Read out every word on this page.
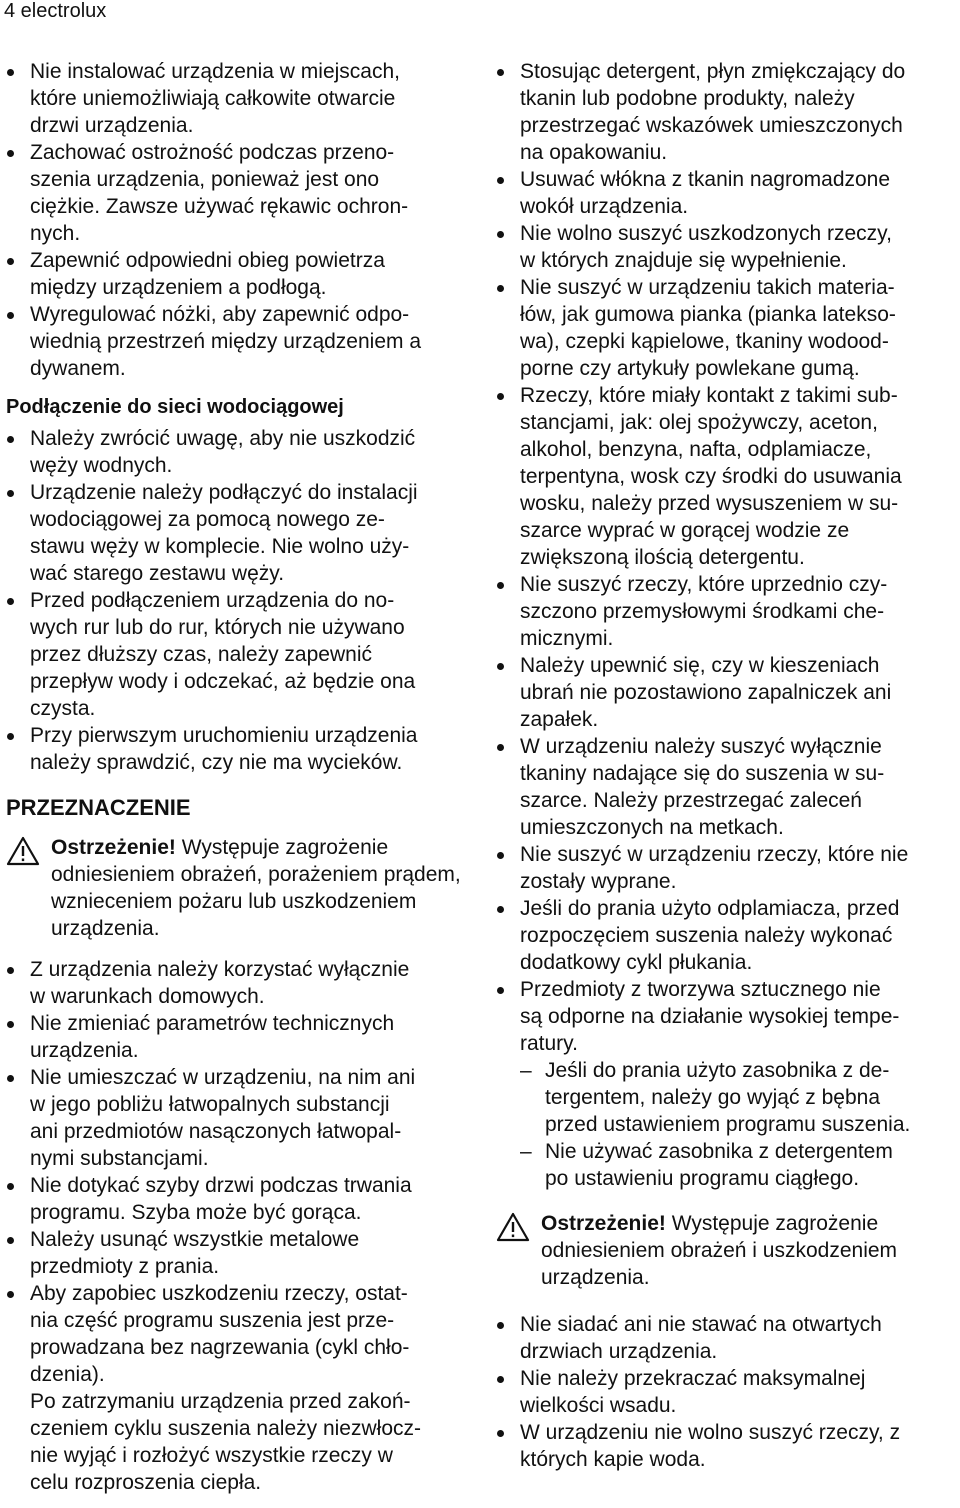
4 electrolux
Nie instalować urządzenia w miejscach,
które uniemożliwiają całkowite otwarcie
drzwi urządzenia.
Zachować ostrożność podczas przeno-
szenia urządzenia, ponieważ jest ono
ciężkie. Zawsze używać rękawic ochron-
nych.
Zapewnić odpowiedni obieg powietrza
między urządzeniem a podłogą.
Wyregulować nóżki, aby zapewnić odpo-
wiednią przestrzeń między urządzeniem a
dywanem.
Podłączenie do sieci wodociągowej
Należy zwrócić uwagę, aby nie uszkodzić
węży wodnych.
Urządzenie należy podłączyć do instalacji
wodociągowej za pomocą nowego ze-
stawu węży w komplecie. Nie wolno uży-
wać starego zestawu węży.
Przed podłączeniem urządzenia do no-
wych rur lub do rur, których nie używano
przez dłuższy czas, należy zapewnić
przepływ wody i odczekać, aż będzie ona
czysta.
Przy pierwszym uruchomieniu urządzenia
należy sprawdzić, czy nie ma wycieków.
PRZEZNACZENIE
Ostrzeżenie! Występuje zagrożenie odniesieniem obrażeń, porażeniem prądem, wznieceniem pożaru lub uszkodzeniem urządzenia.
Z urządzenia należy korzystać wyłącznie
w warunkach domowych.
Nie zmieniać parametrów technicznych
urządzenia.
Nie umieszczać w urządzeniu, na nim ani
w jego pobliżu łatwopalnych substancji
ani przedmiotów nasączonych łatwopal-
nymi substancjami.
Nie dotykać szyby drzwi podczas trwania
programu. Szyba może być gorąca.
Należy usunąć wszystkie metalowe
przedmioty z prania.
Aby zapobiec uszkodzeniu rzeczy, ostat-
nia część programu suszenia jest prze-
prowadzana bez nagrzewania (cykl chło-
dzenia).
Po zatrzymaniu urządzenia przed zakoń-
czeniem cyklu suszenia należy niezwłocz-
nie wyjąć i rozłożyć wszystkie rzeczy w
celu rozproszenia ciepła.
Stosując detergent, płyn zmiękczający do
tkanin lub podobne produkty, należy
przestrzegać wskazówek umieszczonych
na opakowaniu.
Usuwać włókna z tkanin nagromadzone
wokół urządzenia.
Nie wolno suszyć uszkodzonych rzeczy,
w których znajduje się wypełnienie.
Nie suszyć w urządzeniu takich materia-
łów, jak gumowa pianka (pianka lateksо-
wa), czepki kąpielowe, tkaniny wodood-
porne czy artykuły powlekane gumą.
Rzeczy, które miały kontakt z takimi sub-
stancjami, jak: olej spożywczy, aceton,
alkohol, benzyna, nafta, odplamiacze,
terpentyna, wosk czy środki do usuwania
wosku, należy przed wysuszeniem w su-
szarce wyprać w gorącej wodzie ze
zwiększoną ilością detergentu.
Nie suszyć rzeczy, które uprzednio czy-
szczono przemysłowymi środkami che-
micznymi.
Należy upewnić się, czy w kieszeniach
ubrań nie pozostawiono zapalniczek ani
zapałek.
W urządzeniu należy suszyć wyłącznie
tkaniny nadające się do suszenia w su-
szarce. Należy przestrzegać zaleceń
umieszczonych na metkach.
Nie suszyć w urządzeniu rzeczy, które nie
zostały wyprane.
Jeśli do prania użyto odplamiacza, przed
rozpoczęciem suszenia należy wykonać
dodatkowy cykl płukania.
Przedmioty z tworzywa sztucznego nie
są odporne na działanie wysokiej tempe-
ratury.
– Jeśli do prania użyto zasobnika z de-
tergentem, należy go wyjąć z bębna
przed ustawieniem programu suszenia.
– Nie używać zasobnika z detergentem
po ustawieniu programu ciągłego.
Ostrzeżenie! Występuje zagrożenie odniesieniem obrażeń i uszkodzeniem urządzenia.
Nie siadać ani nie stawać na otwartych
drzwiach urządzenia.
Nie należy przekraczać maksymalnej
wielkości wsadu.
W urządzeniu nie wolno suszyć rzeczy, z
których kapie woda.
